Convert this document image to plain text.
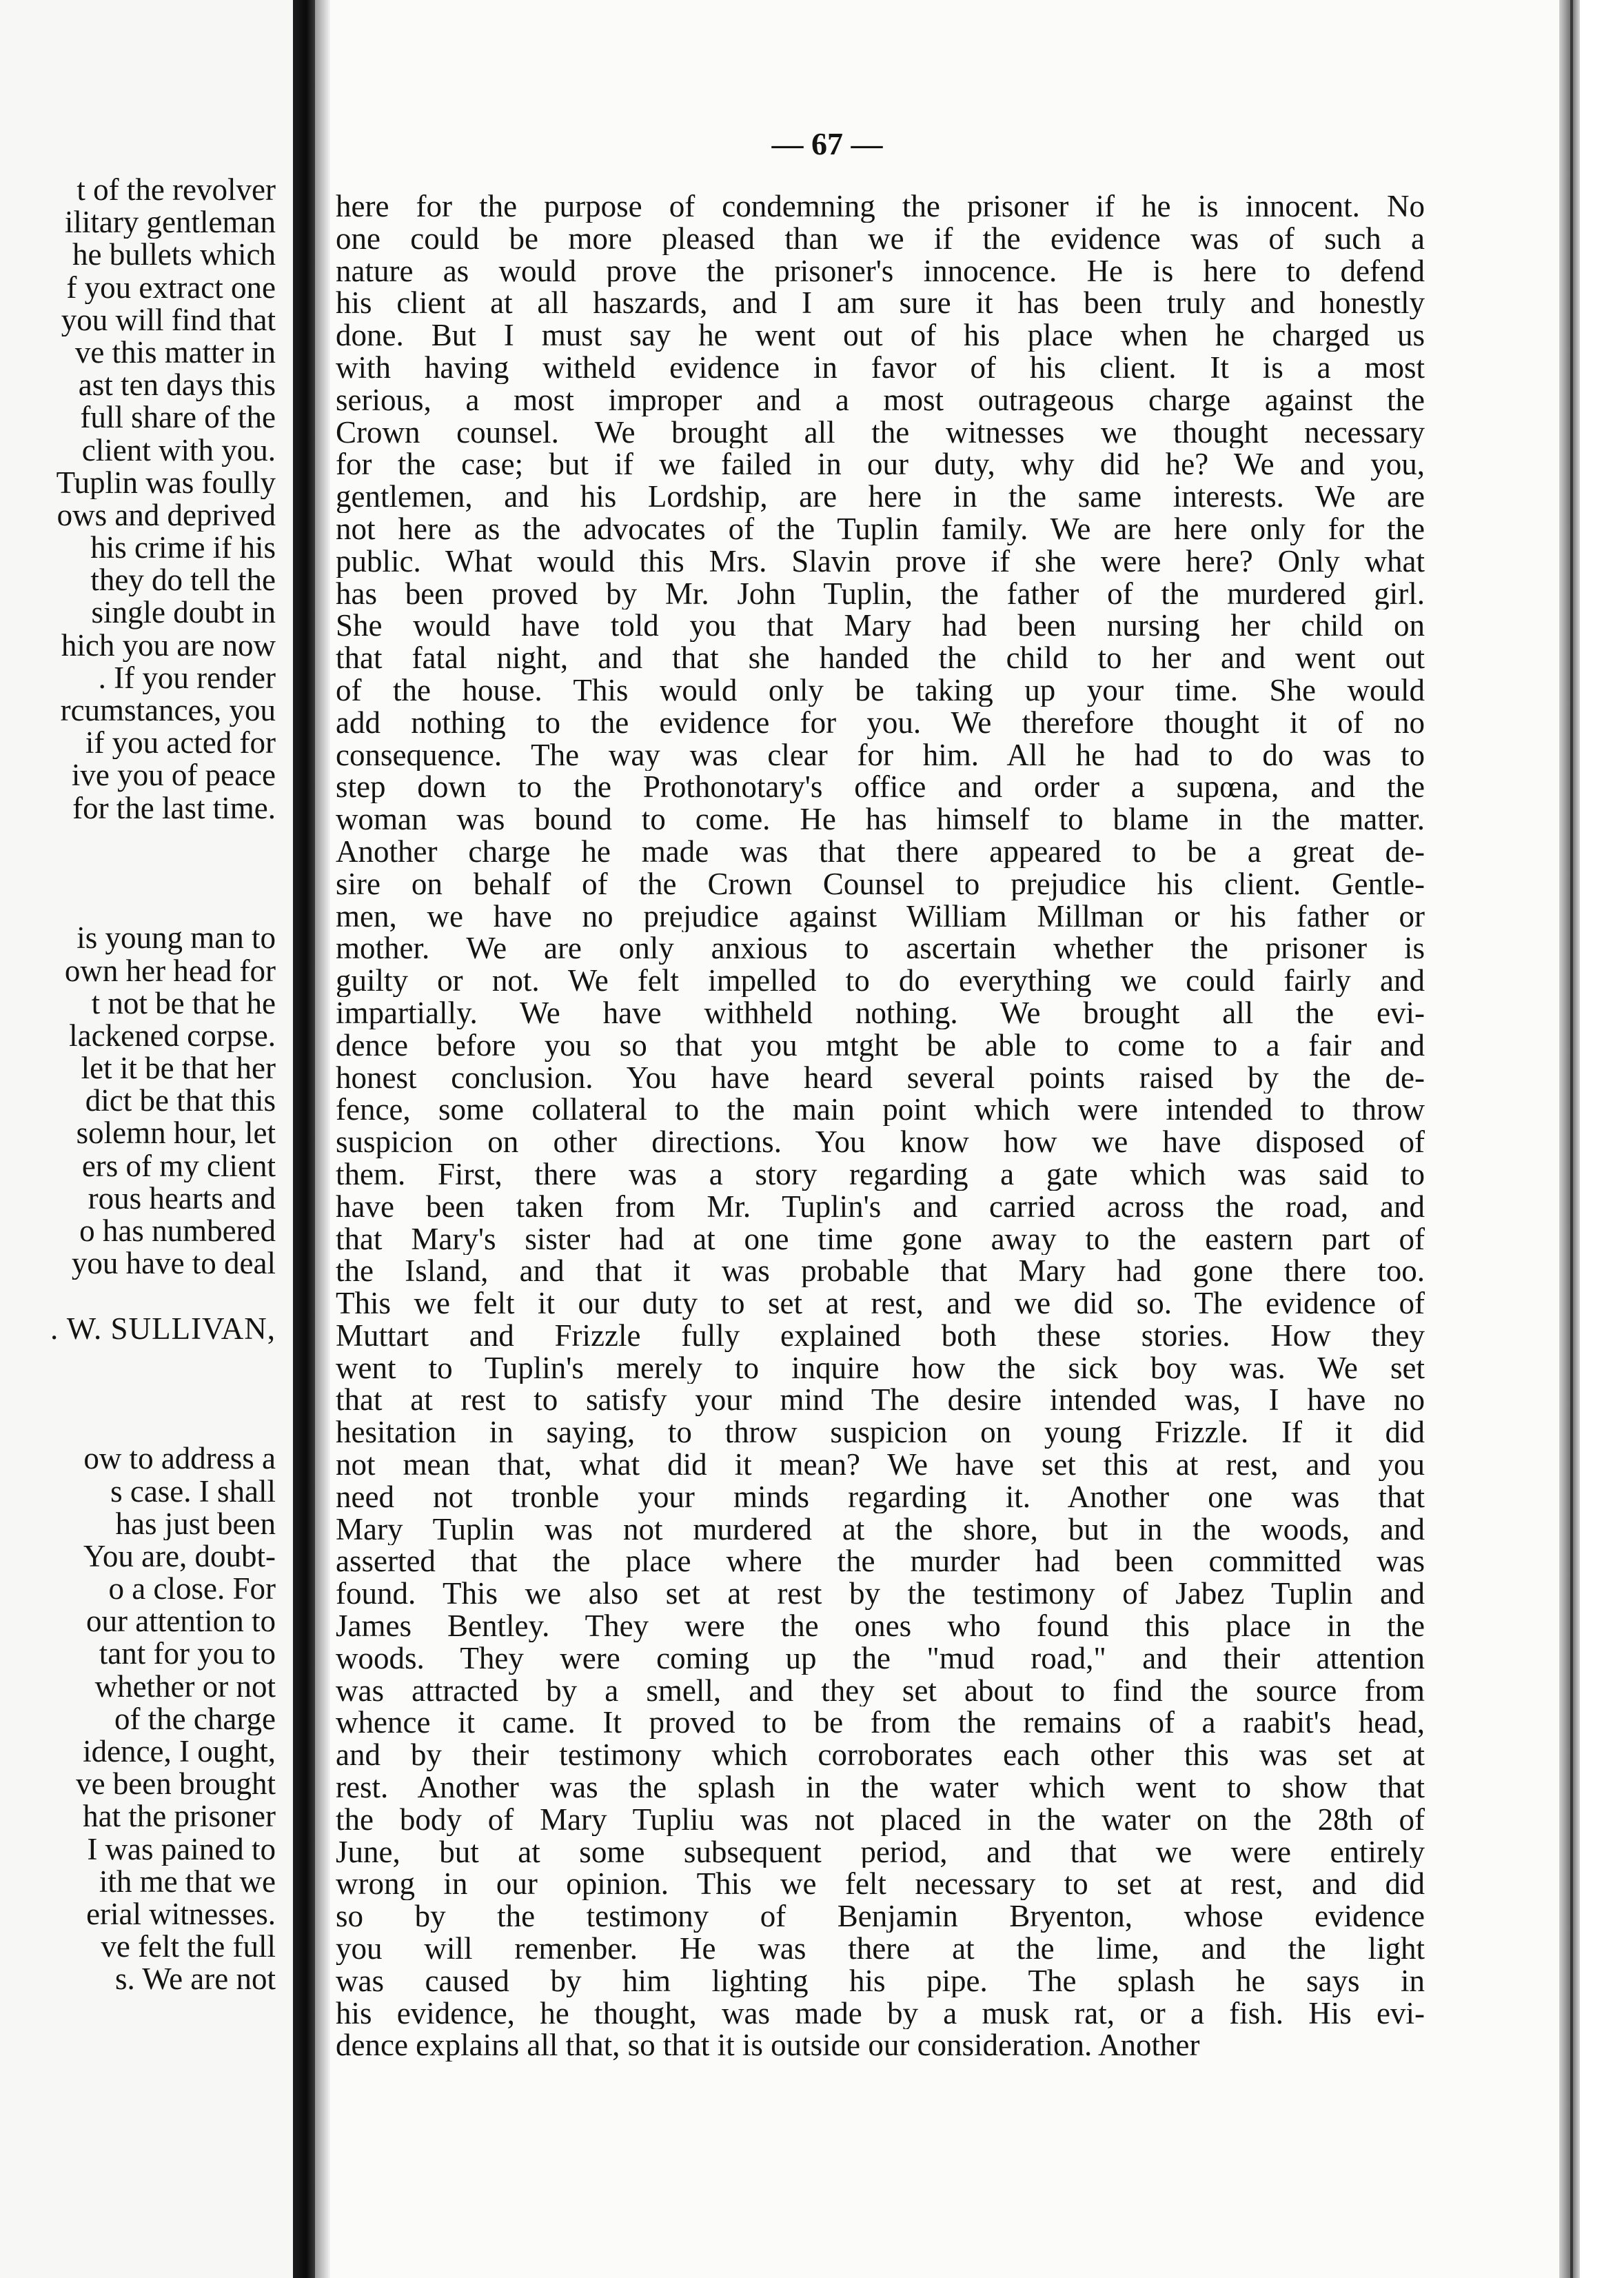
t of the revolver
ilitary gentleman
he bullets which
f you extract one
you will find that
ve this matter in
ast ten days this
full share of the
client with you.
Tuplin was foully
ows and deprived
his crime if his
they do tell the
single doubt in
hich you are now
. If you render
rcumstances, you
if you acted for
ive you of peace
for the last time.
is young man to
own her head for
t not be that he
lackened corpse.
let it be that her
dict be that this
solemn hour, let
ers of my client
rous hearts and
o has numbered
you have to deal
. W. SULLIVAN,
ow to address a
s case. I shall
has just been
You are, doubt-
o a close. For
our attention to
tant for you to
whether or not
of the charge
idence, I ought,
ve been brought
hat the prisoner
I was pained to
ith me that we
erial witnesses.
ve felt the full
s. We are not
— 67 —
here for the purpose of condemning the prisoner if he is innocent. No
one could be more pleased than we if the evidence was of such a
nature as would prove the prisoner's innocence. He is here to defend
his client at all haszards, and I am sure it has been truly and honestly
done. But I must say he went out of his place when he charged us
with having witheld evidence in favor of his client. It is a most
serious, a most improper and a most outrageous charge against the
Crown counsel. We brought all the witnesses we thought necessary
for the case; but if we failed in our duty, why did he? We and you,
gentlemen, and his Lordship, are here in the same interests. We are
not here as the advocates of the Tuplin family. We are here only for the
public. What would this Mrs. Slavin prove if she were here? Only what
has been proved by Mr. John Tuplin, the father of the murdered girl.
She would have told you that Mary had been nursing her child on
that fatal night, and that she handed the child to her and went out
of the house. This would only be taking up your time. She would
add nothing to the evidence for you. We therefore thought it of no
consequence. The way was clear for him. All he had to do was to
step down to the Prothonotary's office and order a supœna, and the
woman was bound to come. He has himself to blame in the matter.
Another charge he made was that there appeared to be a great de-
sire on behalf of the Crown Counsel to prejudice his client. Gentle-
men, we have no prejudice against William Millman or his father or
mother. We are only anxious to ascertain whether the prisoner is
guilty or not. We felt impelled to do everything we could fairly and
impartially. We have withheld nothing. We brought all the evi-
dence before you so that you mtght be able to come to a fair and
honest conclusion. You have heard several points raised by the de-
fence, some collateral to the main point which were intended to throw
suspicion on other directions. You know how we have disposed of
them. First, there was a story regarding a gate which was said to
have been taken from Mr. Tuplin's and carried across the road, and
that Mary's sister had at one time gone away to the eastern part of
the Island, and that it was probable that Mary had gone there too.
This we felt it our duty to set at rest, and we did so. The evidence of
Muttart and Frizzle fully explained both these stories. How they
went to Tuplin's merely to inquire how the sick boy was. We set
that at rest to satisfy your mind The desire intended was, I have no
hesitation in saying, to throw suspicion on young Frizzle. If it did
not mean that, what did it mean? We have set this at rest, and you
need not tronble your minds regarding it. Another one was that
Mary Tuplin was not murdered at the shore, but in the woods, and
asserted that the place where the murder had been committed was
found. This we also set at rest by the testimony of Jabez Tuplin and
James Bentley. They were the ones who found this place in the
woods. They were coming up the "mud road," and their attention
was attracted by a smell, and they set about to find the source from
whence it came. It proved to be from the remains of a raabit's head,
and by their testimony which corroborates each other this was set at
rest. Another was the splash in the water which went to show that
the body of Mary Tupliu was not placed in the water on the 28th of
June, but at some subsequent period, and that we were entirely
wrong in our opinion. This we felt necessary to set at rest, and did
so by the testimony of Benjamin Bryenton, whose evidence
you will remenber. He was there at the lime, and the light
was caused by him lighting his pipe. The splash he says in
his evidence, he thought, was made by a musk rat, or a fish. His evi-
dence explains all that, so that it is outside our consideration. Another
